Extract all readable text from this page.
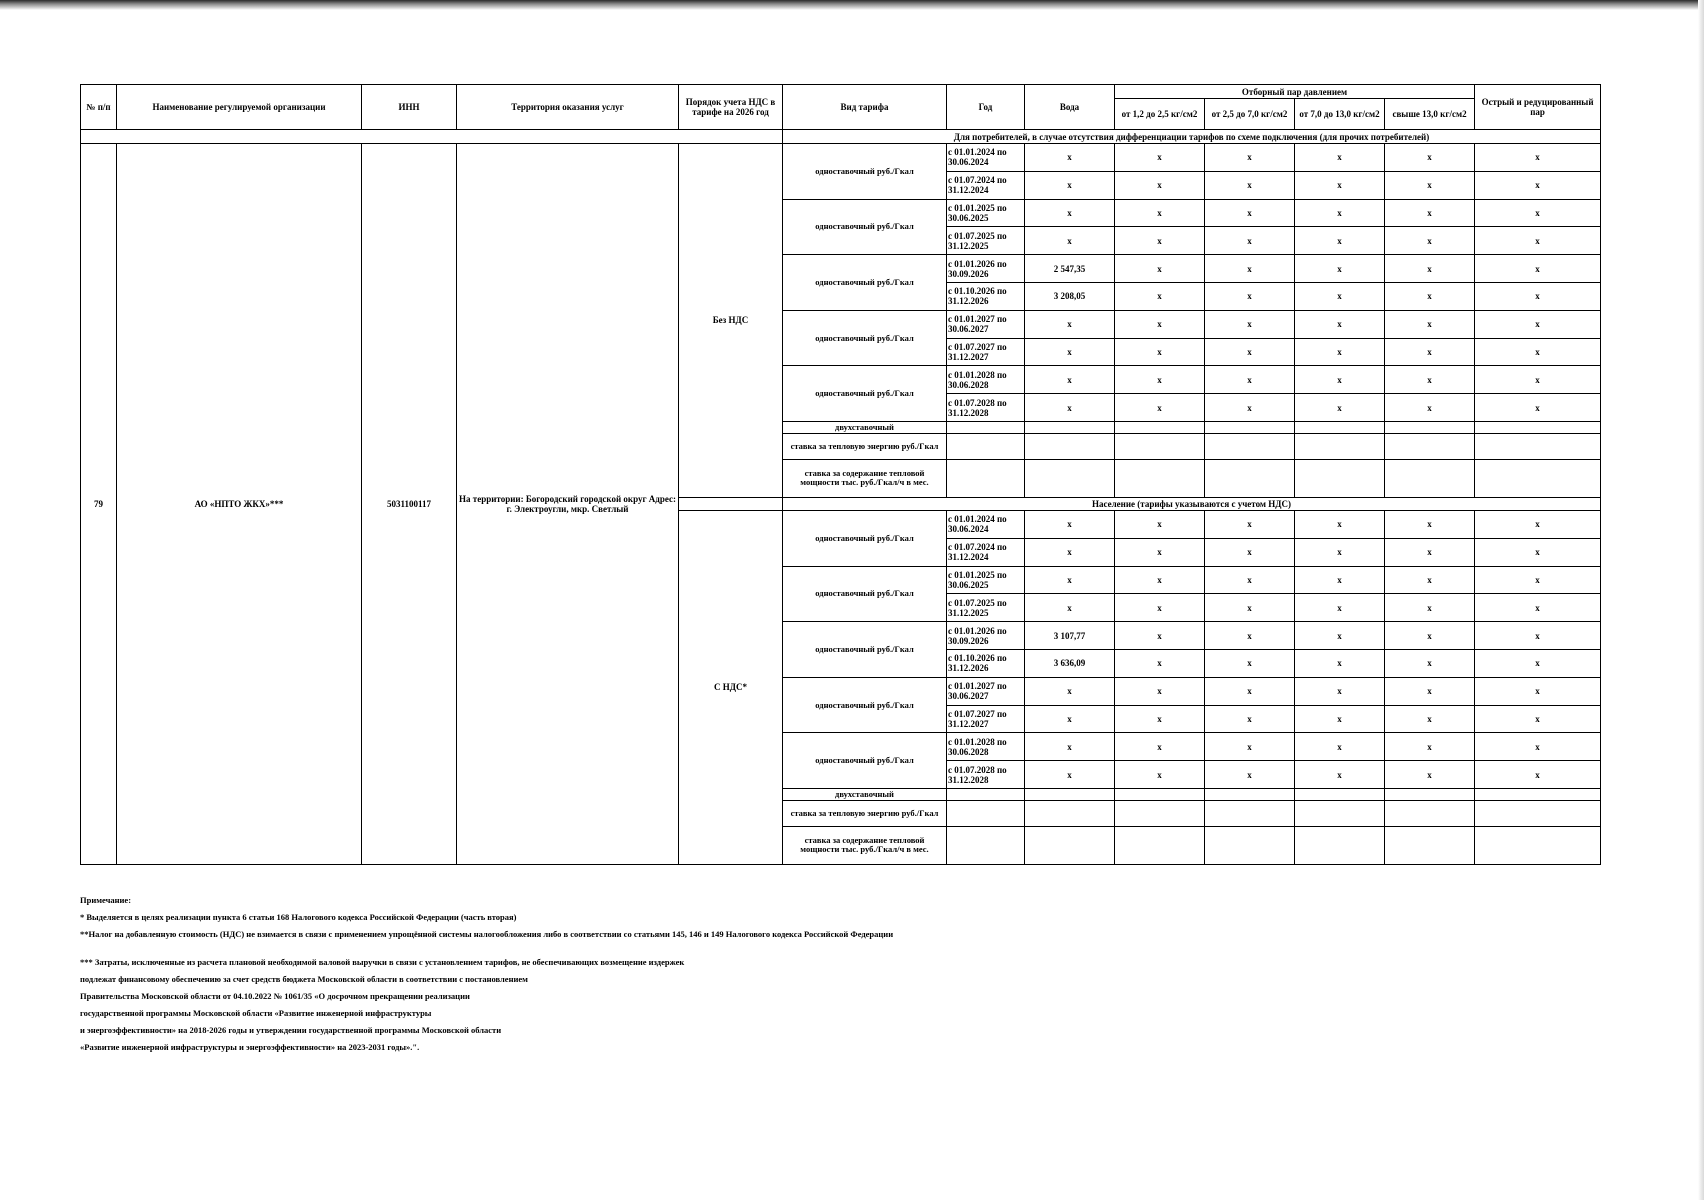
№ п/п	Наименование регулируемой организации	ИНН	Территория оказания услуг	Порядок учета НДС в тарифе на 2026 год	Вид тарифа	Год	Вода	Отборный пар давлением				Острый и редуцированный пар
								от 1,2 до 2,5 кг/см2	от 2,5 до 7,0 кг/см2	от 7,0 до 13,0 кг/см2	свыше 13,0 кг/см2	
					Для потребителей, в случае отсутствия дифференциации тарифов по схеме подключения (для прочих потребителей)							
79	АО «НПТО ЖКХ»***	5031100117	На территории: Богородский городской округ Адрес: г. Электроугли, мкр. Светлый	Без НДС	одноставочный руб./Гкал	с 01.01.2024 по 30.06.2024	x	x	x	x	x	x
						с 01.07.2024 по 31.12.2024	x	x	x	x	x	x
					одноставочный руб./Гкал	с 01.01.2025 по 30.06.2025	x	x	x	x	x	x
						с 01.07.2025 по 31.12.2025	x	x	x	x	x	x
					одноставочный руб./Гкал	с 01.01.2026 по 30.09.2026	2 547,35	x	x	x	x	x
						с 01.10.2026 по 31.12.2026	3 208,05	x	x	x	x	x
					одноставочный руб./Гкал	с 01.01.2027 по 30.06.2027	x	x	x	x	x	x
						с 01.07.2027 по 31.12.2027	x	x	x	x	x	x
					одноставочный руб./Гкал	с 01.01.2028 по 30.06.2028	x	x	x	x	x	x
						с 01.07.2028 по 31.12.2028	x	x	x	x	x	x
					двухставочный							
					ставка за тепловую энергию руб./Гкал							
					ставка за содержание тепловой мощности тыс. руб./Гкал/ч в мес.							
					Население (тарифы указываются с учетом НДС)							
				С НДС*	одноставочный руб./Гкал	с 01.01.2024 по 30.06.2024	x	x	x	x	x	x
						с 01.07.2024 по 31.12.2024	x	x	x	x	x	x
					одноставочный руб./Гкал	с 01.01.2025 по 30.06.2025	x	x	x	x	x	x
						с 01.07.2025 по 31.12.2025	x	x	x	x	x	x
					одноставочный руб./Гкал	с 01.01.2026 по 30.09.2026	3 107,77	x	x	x	x	x
						с 01.10.2026 по 31.12.2026	3 636,09	x	x	x	x	x
					одноставочный руб./Гкал	с 01.01.2027 по 30.06.2027	x	x	x	x	x	x
						с 01.07.2027 по 31.12.2027	x	x	x	x	x	x
					одноставочный руб./Гкал	с 01.01.2028 по 30.06.2028	x	x	x	x	x	x
						с 01.07.2028 по 31.12.2028	x	x	x	x	x	x
					двухставочный							
					ставка за тепловую энергию руб./Гкал							
					ставка за содержание тепловой мощности тыс. руб./Гкал/ч в мес.							
Примечание:
* Выделяется в целях реализации пункта 6 статьи 168 Налогового кодекса Российской Федерации (часть вторая)
**Налог на добавленную стоимость (НДС) не взимается в связи с применением упрощённой системы налогообложения либо в соответствии со статьями 145, 146 и 149 Налогового кодекса Российской Федерации
*** Затраты, исключенные из расчета плановой необходимой валовой выручки в связи с установлением тарифов, не обеспечивающих возмещение издержек
подлежат финансовому обеспечению за счет средств бюджета Московской области в соответствии с постановлением
Правительства Московской области от 04.10.2022 № 1061/35 «О досрочном прекращении реализации
государственной программы Московской области «Развитие инженерной инфраструктуры
и энергоэффективности» на 2018-2026 годы и утверждении государственной программы Московской области
«Развитие инженерной инфраструктуры и энергоэффективности» на 2023-2031 годы».".
